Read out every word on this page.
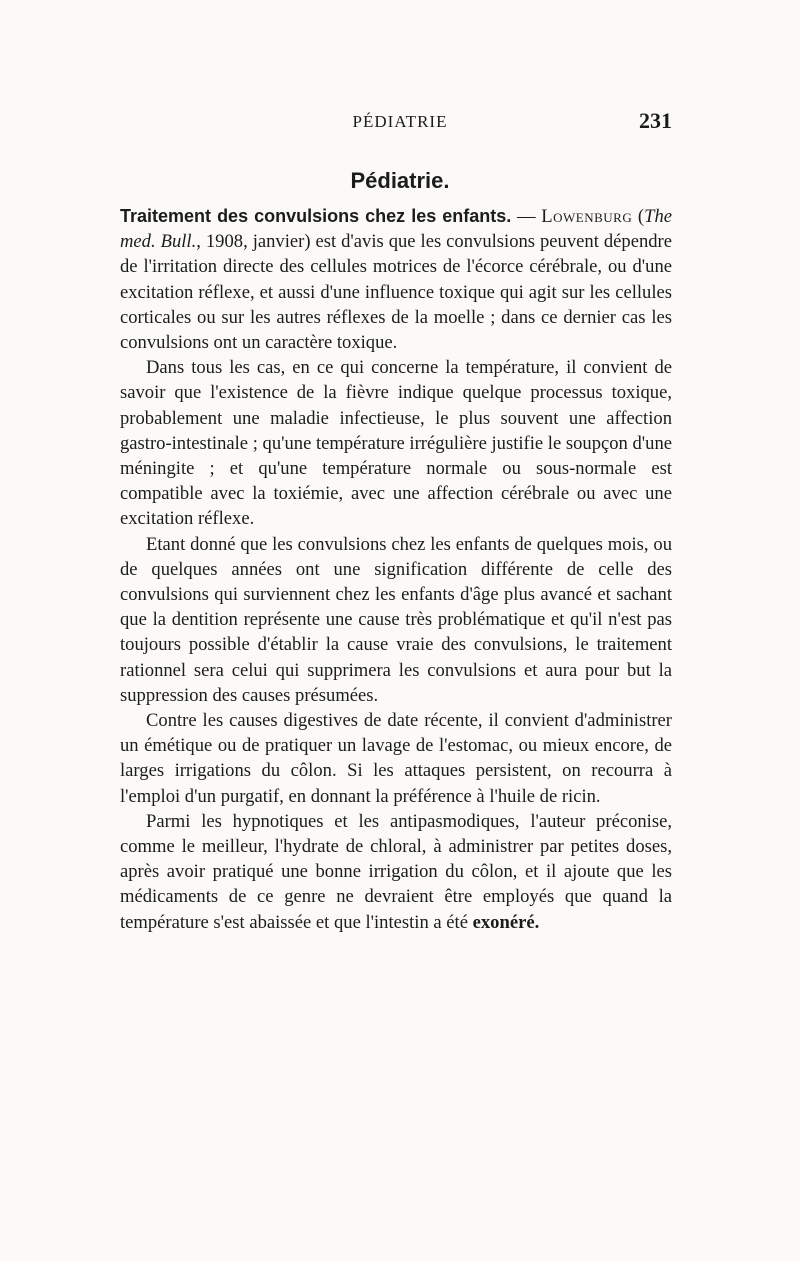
PÉDIATRIE	231
Pédiatrie.

Traitement des convulsions chez les enfants. — Lowenburg (The med. Bull., 1908, janvier) est d'avis que les convulsions peuvent dépendre de l'irritation directe des cellules motrices de l'écorce cérébrale, ou d'une excitation réflexe, et aussi d'une influence toxique qui agit sur les cellules corticales ou sur les autres réflexes de la moelle ; dans ce dernier cas les convulsions ont un caractère toxique.

Dans tous les cas, en ce qui concerne la température, il convient de savoir que l'existence de la fièvre indique quelque processus toxique, probablement une maladie infectieuse, le plus souvent une affection gastro-intestinale ; qu'une température irrégulière justifie le soupçon d'une méningite ; et qu'une température normale ou sous-normale est compatible avec la toxiémie, avec une affection cérébrale ou avec une excitation réflexe.

Etant donné que les convulsions chez les enfants de quelques mois, ou de quelques années ont une signification différente de celle des convulsions qui surviennent chez les enfants d'âge plus avancé et sachant que la dentition représente une cause très problématique et qu'il n'est pas toujours possible d'établir la cause vraie des convulsions, le traitement rationnel sera celui qui supprimera les convulsions et aura pour but la suppression des causes présumées.

Contre les causes digestives de date récente, il convient d'administrer un émétique ou de pratiquer un lavage de l'estomac, ou mieux encore, de larges irrigations du côlon. Si les attaques persistent, on recourra à l'emploi d'un purgatif, en donnant la préférence à l'huile de ricin.

Parmi les hypnotiques et les antipasmodiques, l'auteur préconise, comme le meilleur, l'hydrate de chloral, à administrer par petites doses, après avoir pratiqué une bonne irrigation du côlon, et il ajoute que les médicaments de ce genre ne devraient être employés que quand la température s'est abaissée et que l'intestin a été exonéré.
